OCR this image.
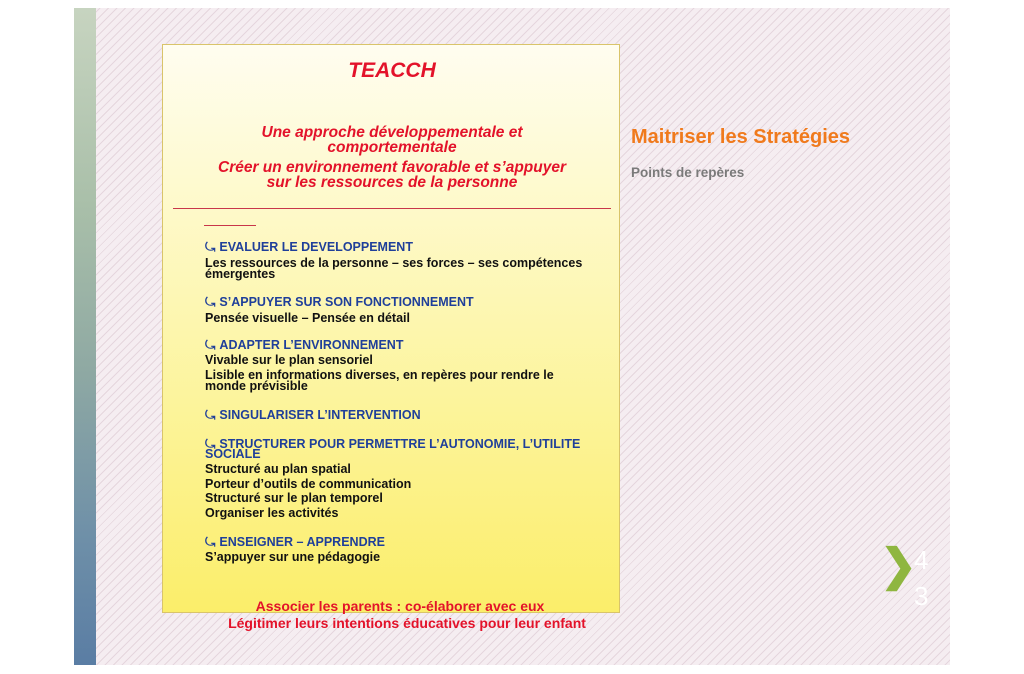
TEACCH
Une approche développementale et
comportementale
Créer un environnement favorable et s’appuyer
sur les ressources de la personne
⤿ EVALUER LE DEVELOPPEMENT
Les ressources de la personne – ses forces – ses compétences
émergentes
⤿ S’APPUYER SUR SON FONCTIONNEMENT
Pensée visuelle – Pensée en détail
⤿ ADAPTER L’ENVIRONNEMENT
Vivable sur le plan sensoriel
Lisible en informations diverses, en repères pour rendre le
monde prévisible
⤿ SINGULARISER L’INTERVENTION
⤿ STRUCTURER POUR PERMETTRE L’AUTONOMIE, L’UTILITE
SOCIALE
Structuré au plan spatial
Porteur d’outils de communication
Structuré sur le plan temporel
Organiser les activités
⤿ ENSEIGNER – APPRENDRE
S’appuyer sur une pédagogie
Associer les parents : co-élaborer avec eux
Légitimer leurs intentions éducatives pour leur enfant
Maitriser les Stratégies
Points de repères
❯
4
3
